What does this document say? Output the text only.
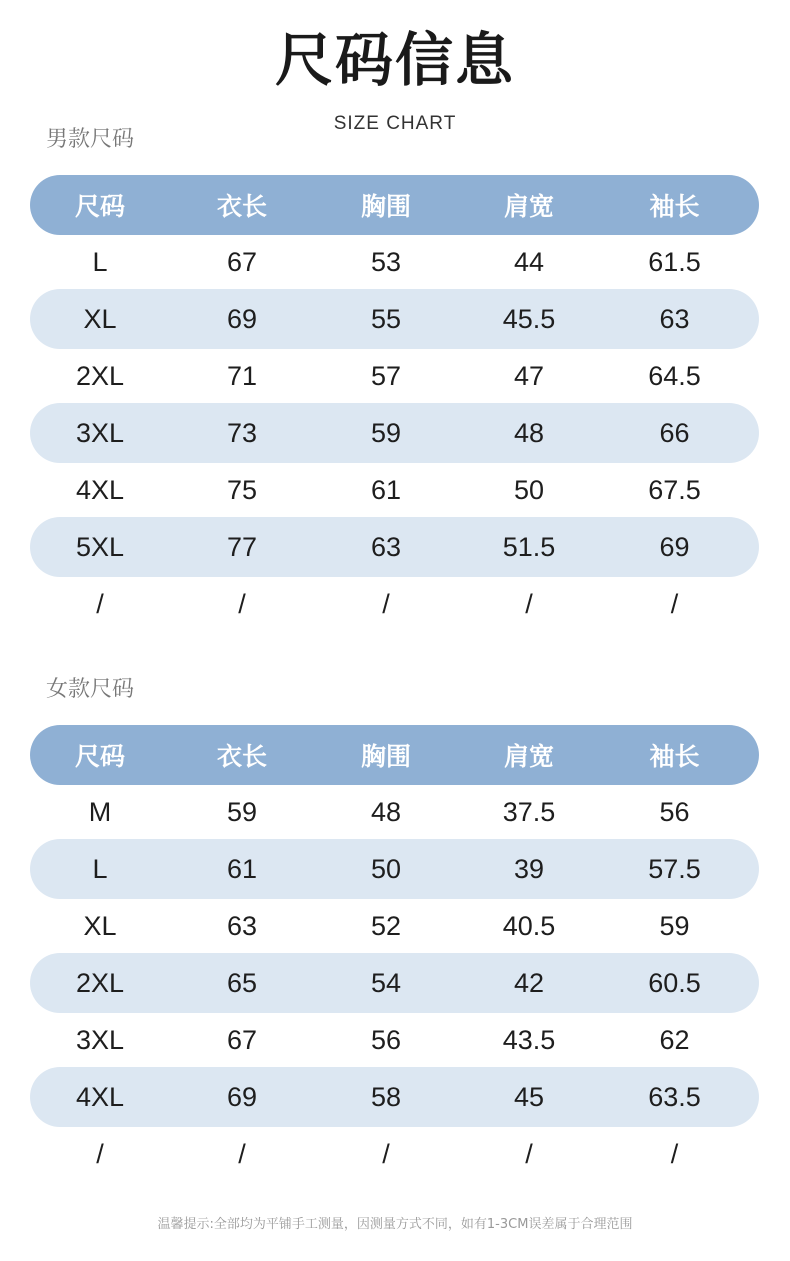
尺码信息
SIZE CHART
男款尺码
尺码	衣长	胸围	肩宽	袖长
L	67	53	44	61.5
XL	69	55	45.5	63
2XL	71	57	47	64.5
3XL	73	59	48	66
4XL	75	61	50	67.5
5XL	77	63	51.5	69
/	/	/	/	/
女款尺码
尺码	衣长	胸围	肩宽	袖长
M	59	48	37.5	56
L	61	50	39	57.5
XL	63	52	40.5	59
2XL	65	54	42	60.5
3XL	67	56	43.5	62
4XL	69	58	45	63.5
/	/	/	/	/
温馨提示:全部均为平铺手工测量，因测量方式不同，如有1-3CM误差属于合理范围
